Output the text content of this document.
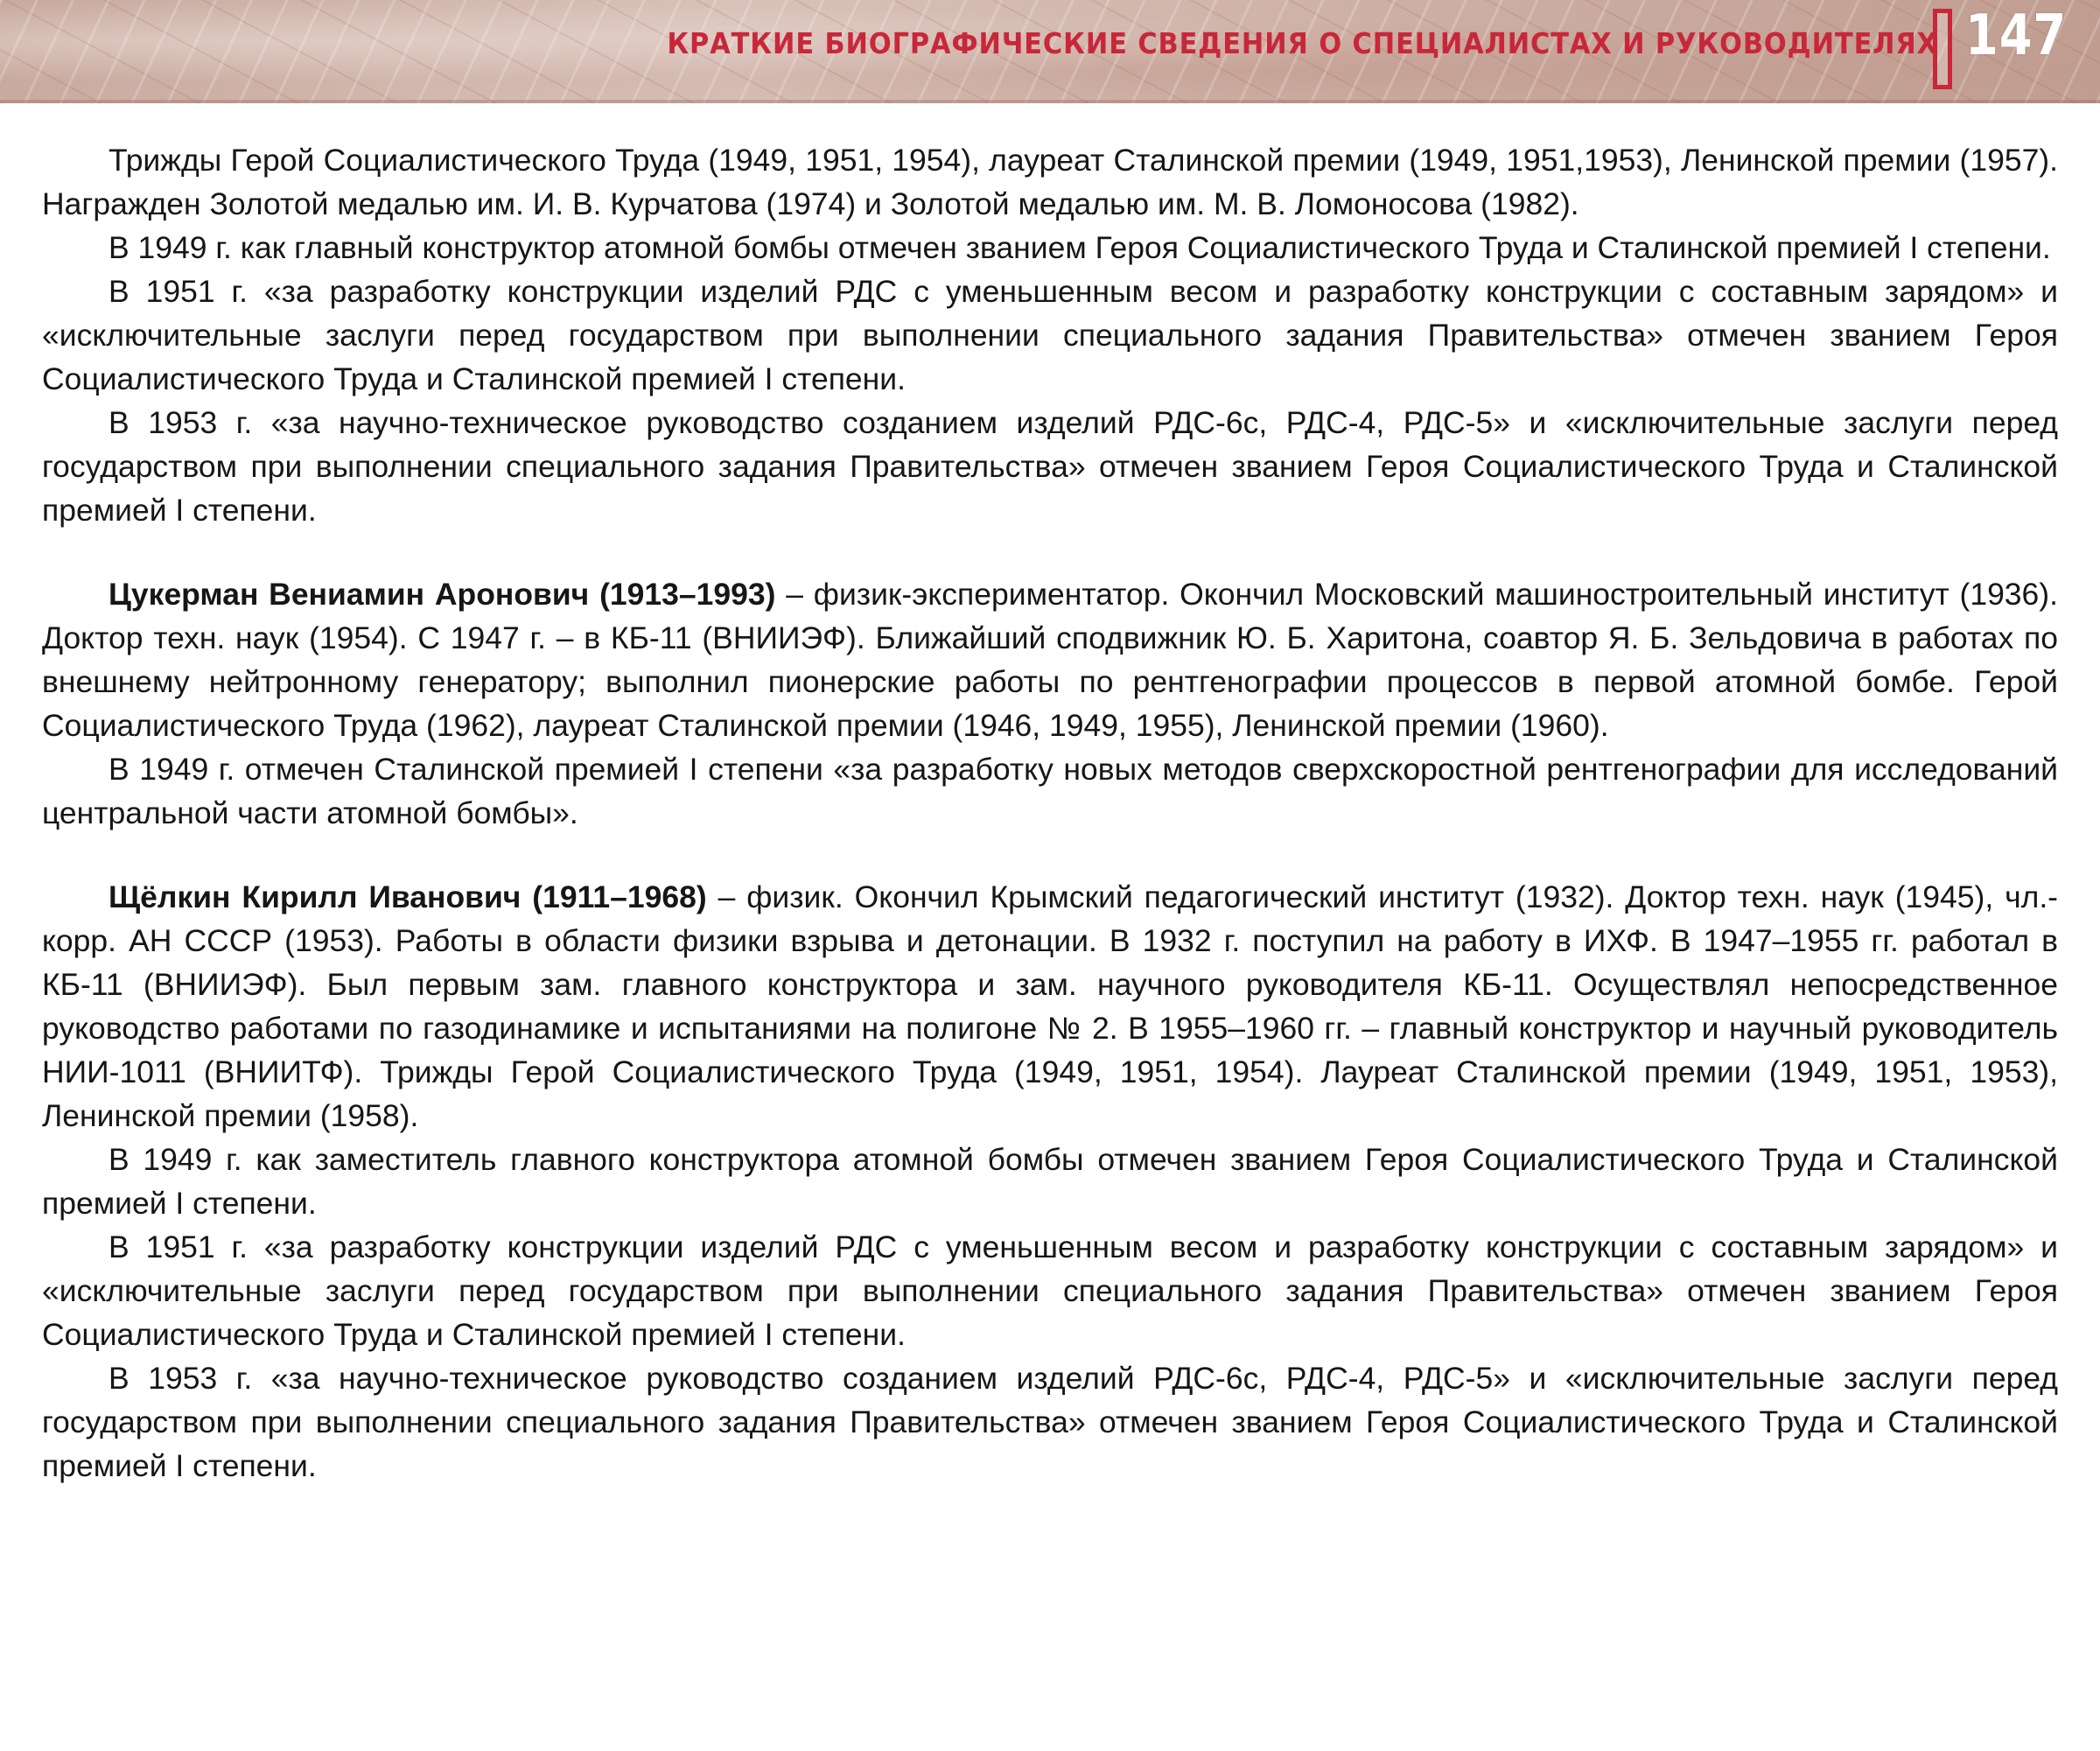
КРАТКИЕ БИОГРАФИЧЕСКИЕ СВЕДЕНИЯ О СПЕЦИАЛИСТАХ И РУКОВОДИТЕЛЯХ 147

Трижды Герой Социалистического Труда (1949, 1951, 1954), лауреат Сталинской премии (1949, 1951,1953), Ленинской премии (1957). Награжден Золотой медалью им. И. В. Курчатова (1974) и Золотой медалью им. М. В. Ломоносова (1982).

В 1949 г. как главный конструктор атомной бомбы отмечен званием Героя Социалистического Труда и Сталинской премией I степени.

В 1951 г. «за разработку конструкции изделий РДС с уменьшенным весом и разработку конструкции с составным зарядом» и «исключительные заслуги перед государством при выполнении специального задания Правительства» отмечен званием Героя Социалистического Труда и Сталинской премией I степени.

В 1953 г. «за научно-техническое руководство созданием изделий РДС-6с, РДС-4, РДС-5» и «исключительные заслуги перед государством при выполнении специального задания Правительства» отмечен званием Героя Социалистического Труда и Сталинской премией I степени.

Цукерман Вениамин Аронович (1913–1993) – физик-экспериментатор. Окончил Московский машиностроительный институт (1936). Доктор техн. наук (1954). С 1947 г. – в КБ-11 (ВНИИЭФ). Ближайший сподвижник Ю. Б. Харитона, соавтор Я. Б. Зельдовича в работах по внешнему нейтронному генератору; выполнил пионерские работы по рентгенографии процессов в первой атомной бомбе. Герой Социалистического Труда (1962), лауреат Сталинской премии (1946, 1949, 1955), Ленинской премии (1960).

В 1949 г. отмечен Сталинской премией I степени «за разработку новых методов сверхскоростной рентгенографии для исследований центральной части атомной бомбы».

Щёлкин Кирилл Иванович (1911–1968) – физик. Окончил Крымский педагогический институт (1932). Доктор техн. наук (1945), чл.-корр. АН СССР (1953). Работы в области физики взрыва и детонации. В 1932 г. поступил на работу в ИХФ. В 1947–1955 гг. работал в КБ-11 (ВНИИЭФ). Был первым зам. главного конструктора и зам. научного руководителя КБ-11. Осуществлял непосредственное руководство работами по газодинамике и испытаниями на полигоне № 2. В 1955–1960 гг. – главный конструктор и научный руководитель НИИ-1011 (ВНИИТФ). Трижды Герой Социалистического Труда (1949, 1951, 1954). Лауреат Сталинской премии (1949, 1951, 1953), Ленинской премии (1958).

В 1949 г. как заместитель главного конструктора атомной бомбы отмечен званием Героя Социалистического Труда и Сталинской премией I степени.

В 1951 г. «за разработку конструкции изделий РДС с уменьшенным весом и разработку конструкции с составным зарядом» и «исключительные заслуги перед государством при выполнении специального задания Правительства» отмечен званием Героя Социалистического Труда и Сталинской премией I степени.

В 1953 г. «за научно-техническое руководство созданием изделий РДС-6с, РДС-4, РДС-5» и «исключительные заслуги перед государством при выполнении специального задания Правительства» отмечен званием Героя Социалистического Труда и Сталинской премией I степени.
